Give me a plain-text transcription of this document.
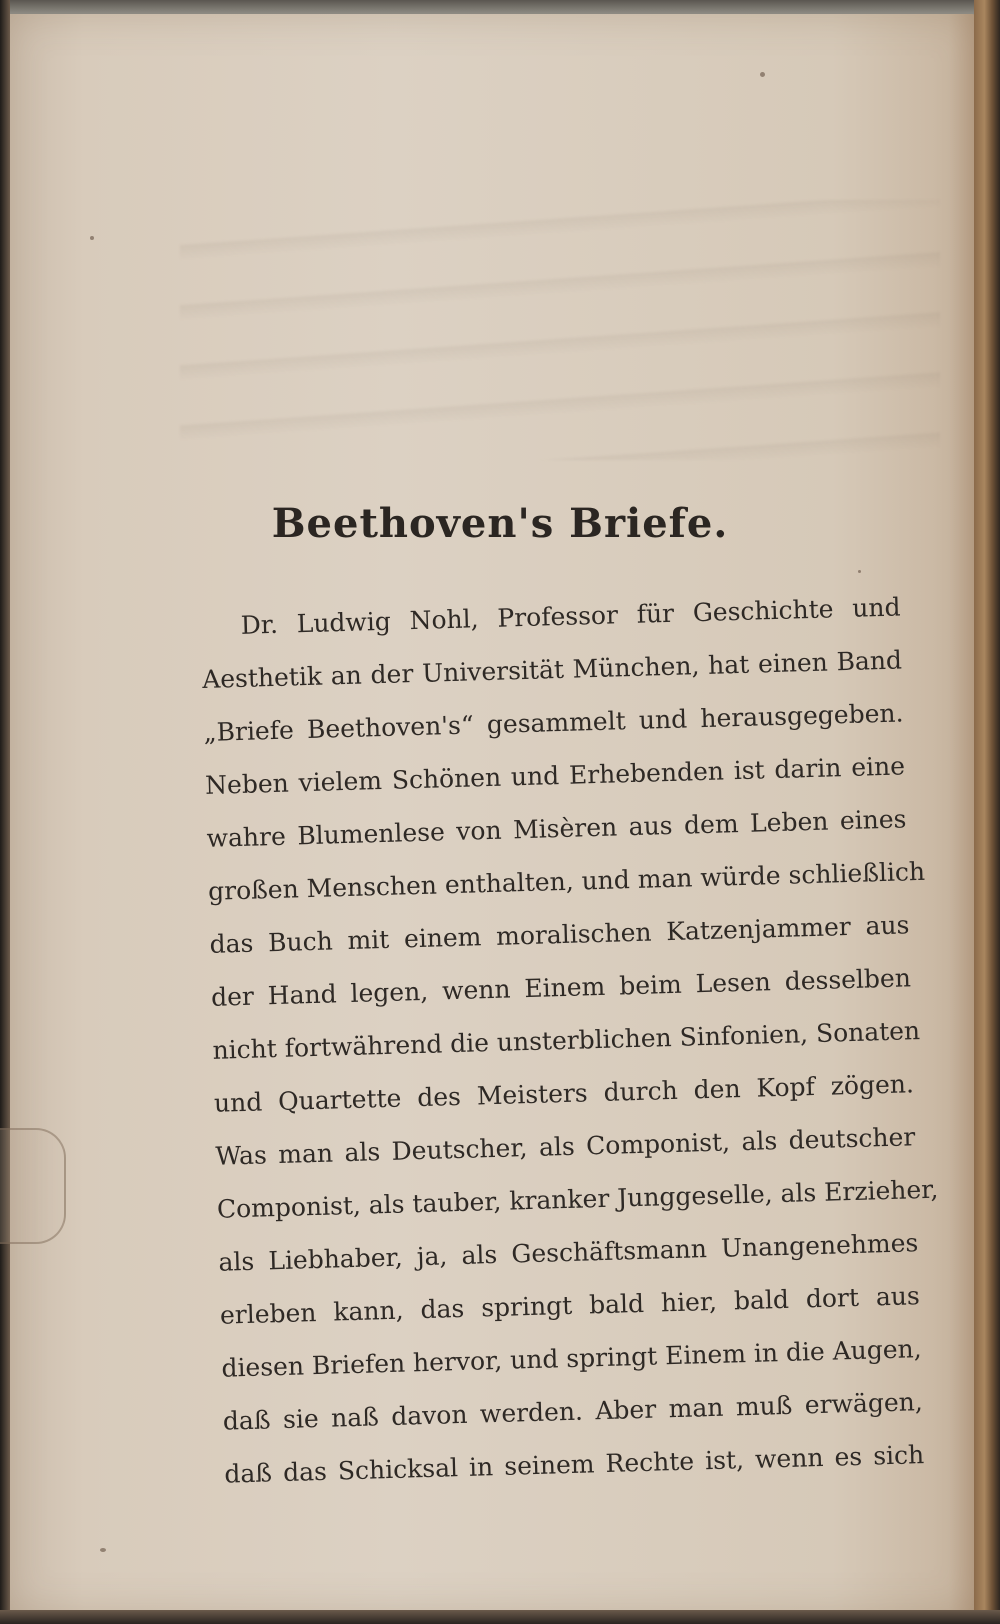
Beethoven's Briefe.
Dr. Ludwig Nohl, Professor für Geschichte und
Aesthetik an der Universität München, hat einen Band
„Briefe Beethoven's“ gesammelt und herausgegeben.
Neben vielem Schönen und Erhebenden ist darin eine
wahre Blumenlese von Misèren aus dem Leben eines
großen Menschen enthalten, und man würde schließlich
das Buch mit einem moralischen Katzenjammer aus
der Hand legen, wenn Einem beim Lesen desselben
nicht fortwährend die unsterblichen Sinfonien, Sonaten
und Quartette des Meisters durch den Kopf zögen.
Was man als Deutscher, als Componist, als deutscher
Componist, als tauber, kranker Junggeselle, als Erzieher,
als Liebhaber, ja, als Geschäftsmann Unangenehmes
erleben kann, das springt bald hier, bald dort aus
diesen Briefen hervor, und springt Einem in die Augen,
daß sie naß davon werden. Aber man muß erwägen,
daß das Schicksal in seinem Rechte ist, wenn es sich
